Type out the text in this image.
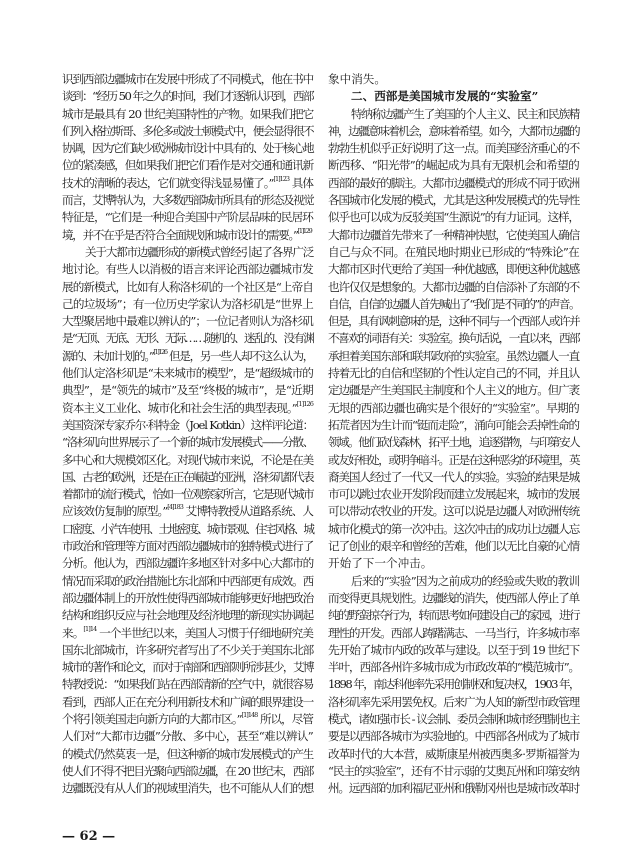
识到西部边疆城市在发展中形成了不同模式，他在书中
谈到：“经历 50 年之久的时间，我们才逐渐认识到，西部
城市是最具有 20 世纪美国特性的产物。如果我们把它
们列入格拉斯哥、多伦多或波士顿模式中，便会显得很不
协调，因为它们缺少欧洲城市设计中具有的、处于核心地
位的紧凑感，但如果我们把它们看作是对交通和通讯新
技术的清晰的表达，它们就变得浅显易懂了。”$^{[1]123}$ 具体
而言，艾博特认为，大多数西部城市所具有的形态及视觉
特征是，“它们是一种迎合美国中产阶层品味的民居环
境，并不在乎是否符合全面规划和城市设计的需要。”$^{[1]129}$
关于大都市边疆形成的新模式曾经引起了各界广泛
地讨论。有些人以消极的语言来评论西部边疆城市发
展的新模式，比如有人称洛杉矶的一个社区是“上帝自
己的垃圾场”；有一位历史学家认为洛杉矶是“世界上
大型聚居地中最难以辨认的”；一位记者则认为洛杉矶
是“无顶、无底、无形、无际……随机的、迷乱的、没有渊
源的、未加计划的。”$^{[1]126}$ 但是，另一些人却不这么认为，
他们认定洛杉矶是“未来城市的模型”，是“超级城市的
典型”，是“领先的城市”及至“终极的城市”，是“近期
资本主义工业化、城市化和社会生活的典型表现。”$^{[1]126}$
美国资深专家乔尔·科特金（Joel Kotkin）这样评论道：
“洛杉矶向世界展示了一个新的城市发展模式——分散、
多中心和大规模郊区化。对现代城市来说，不论是在美
国、古老的欧洲，还是在正在崛起的亚洲，洛杉矶都代表
着都市的流行模式，恰如一位观察家所言，它是现代城市
应该效仿复制的原型。”$^{[4]183}$ 艾博特教授从道路系统、人
口密度、小汽车使用、土地密度、城市景观、住宅风格、城
市政治和管理等方面对西部边疆城市的独特模式进行了
分析。他认为，西部边疆许多地区针对多中心大都市的
情况而采取的政治措施比东北部和中西部更有成效。西
部边疆体制上的开放性使得西部城市能够更好地把政治
结构和组织反应与社会地理及经济地理的新现实协调起
来。$^{[1]14}$ 一个半世纪以来，美国人习惯于仔细地研究美
国东北部城市，许多研究者写出了不少关于美国东北部
城市的著作和论文，而对于南部和西部则所涉甚少，艾博
特教授说：“如果我们站在西部清新的空气中，就很容易
看到，西部人正在充分利用新技术和广阔的眼界建设一
个将引领美国走向新方向的大都市区。”$^{[1]148}$ 所以，尽管
人们对“大都市边疆”分散、多中心，甚至“难以辨认”
的模式仍然莫衷一是，但这种新的城市发展模式的产生
使人们不得不把目光聚向西部边疆，在 20 世纪末，西部
边疆既没有从人们的视域里消失，也不可能从人们的想
象中消失。
二、西部是美国城市发展的“实验室”
特纳称边疆产生了美国的个人主义、民主和民族精
神，边疆意味着机会，意味着希望。如今，大都市边疆的
勃勃生机似乎正好说明了这一点。而美国经济重心的不
断西移、“阳光带”的崛起成为具有无限机会和希望的
西部的最好的脚注。大都市边疆模式的形成不同于欧洲
各国城市化发展的模式，尤其是这种发展模式的先导性
似乎也可以成为反驳美国“生源说”的有力证词。这样，
大都市边疆首先带来了一种精神快慰，它使美国人确信
自己与众不同。在殖民地时期业已形成的“特殊论”在
大都市区时代更给了美国一种优越感，即便这种优越感
也许仅仅是想象的。大都市边疆的自信添补了东部的不
自信，自信的边疆人首先喊出了“我们是不同的”的声音。
但是，具有讽刺意味的是，这种不同与一个西部人或许并
不喜欢的词语有关：实验室。换句话说，一直以来，西部
承担着美国东部和联邦政府的实验室。虽然边疆人一直
持着无比的自信和坚韧的个性认定自己的不同，并且认
定边疆是产生美国民主制度和个人主义的地方。但广袤
无垠的西部边疆也确实是个很好的“实验室”。早期的
拓荒者因为生计而“铤而走险”，涌向可能会丢掉性命的
领域。他们砍伐森林，拓平土地，追逐猎物，与印第安人
或友好相处，或明争暗斗。正是在这种恶劣的环境里，英
裔美国人经过了一代又一代人的实验。实验的结果是城
市可以跳过农业开发阶段而建立发展起来，城市的发展
可以带动农牧业的开发。这可以说是边疆人对欧洲传统
城市化模式的第一次冲击。这次冲击的成功让边疆人忘
记了创业的艰辛和曾经的苦难，他们以无比自豪的心情
开始了下一个冲击。
后来的“实验”因为之前成功的经验或失败的教训
而变得更具规划性。边疆线的消失，使西部人停止了单
纯的野蛮掠夺行为，转而思考如何建设自己的家园，进行
理性的开发。西部人踌躇满志、一马当行，许多城市率
先开始了城市内政的改革与建设。以至于到 19 世纪下
半叶，西部各州许多城市成为市政改革的“模范城市”。
1898 年，南达科他率先采用创制权和复决权，1903 年，
洛杉矶率先采用罢免权。后来广为人知的新型市政管理
模式，诸如强市长 - 议会制、委员会制和城市经理制也主
要是以西部各城市为实验地的。中西部各州成为了城市
改革时代的大本营，威斯康星州被西奥多·罗斯福誉为
“民主的实验室”，还有不甘示弱的艾奥瓦州和印第安纳
州。远西部的加利福尼亚州和俄勒冈州也是城市改革时
— 62 —
